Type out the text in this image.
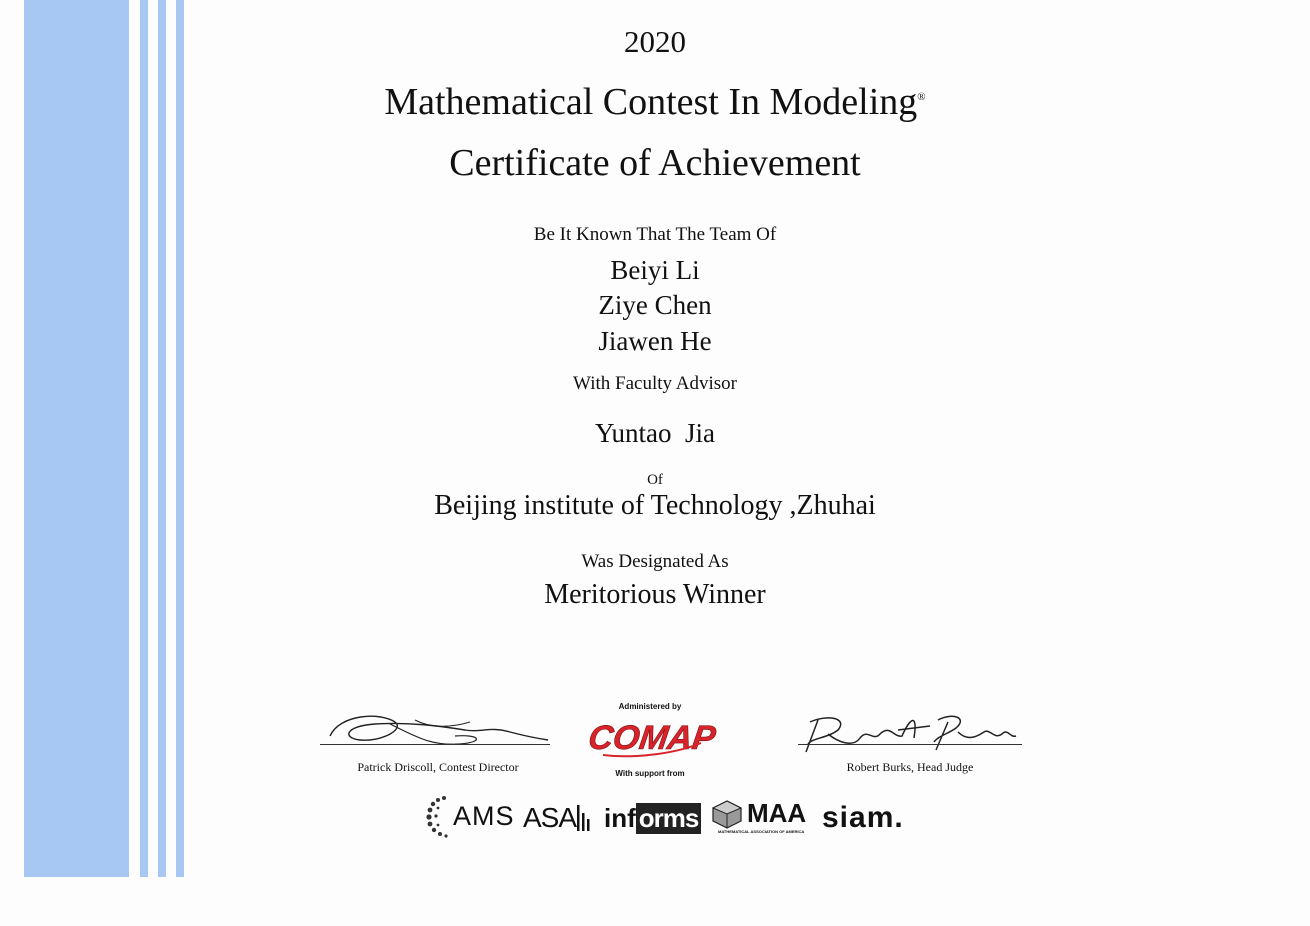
2020
Mathematical Contest In Modeling®
Certificate of Achievement
Be It Known That The Team Of
Beiyi Li
Ziye Chen
Jiawen He
With Faculty Advisor
Yuntao  Jia
Of
Beijing institute of Technology ,Zhuhai
Was Designated As
Meritorious Winner
Patrick Driscoll, Contest Director
Administered by
COMAP
With support from	Robert Burks, Head Judge
AMS ASA inf orms MAA
MATHEMATICAL ASSOCIATION OF AMERICA siam.
